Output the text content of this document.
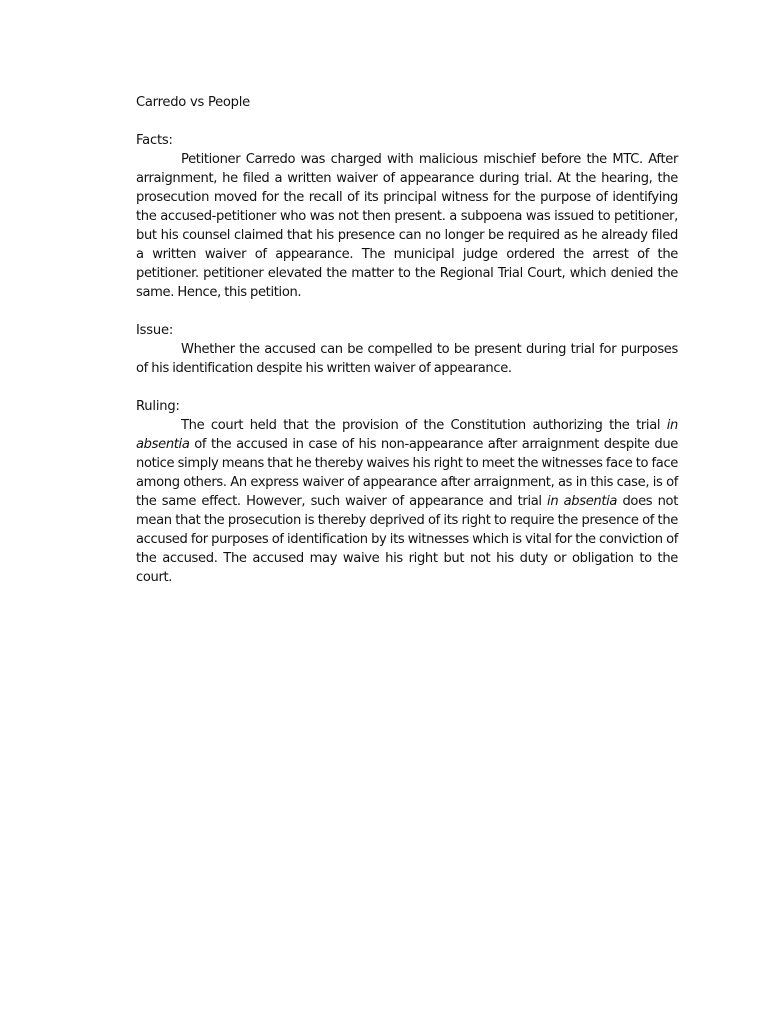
Carredo vs People

Facts:

Petitioner Carredo was charged with malicious mischief before the MTC. After arraignment, he filed a written waiver of appearance during trial. At the hearing, the prosecution moved for the recall of its principal witness for the purpose of identifying the accused-petitioner who was not then present. a subpoena was issued to petitioner, but his counsel claimed that his presence can no longer be required as he already filed a written waiver of appearance. The municipal judge ordered the arrest of the petitioner. petitioner elevated the matter to the Regional Trial Court, which denied the same. Hence, this petition.

Issue:

Whether the accused can be compelled to be present during trial for purposes of his identification despite his written waiver of appearance.

Ruling:

The court held that the provision of the Constitution authorizing the trial in absentia of the accused in case of his non-appearance after arraignment despite due notice simply means that he thereby waives his right to meet the witnesses face to face among others. An express waiver of appearance after arraignment, as in this case, is of the same effect. However, such waiver of appearance and trial in absentia does not mean that the prosecution is thereby deprived of its right to require the presence of the accused for purposes of identification by its witnesses which is vital for the conviction of the accused. The accused may waive his right but not his duty or obligation to the court.
